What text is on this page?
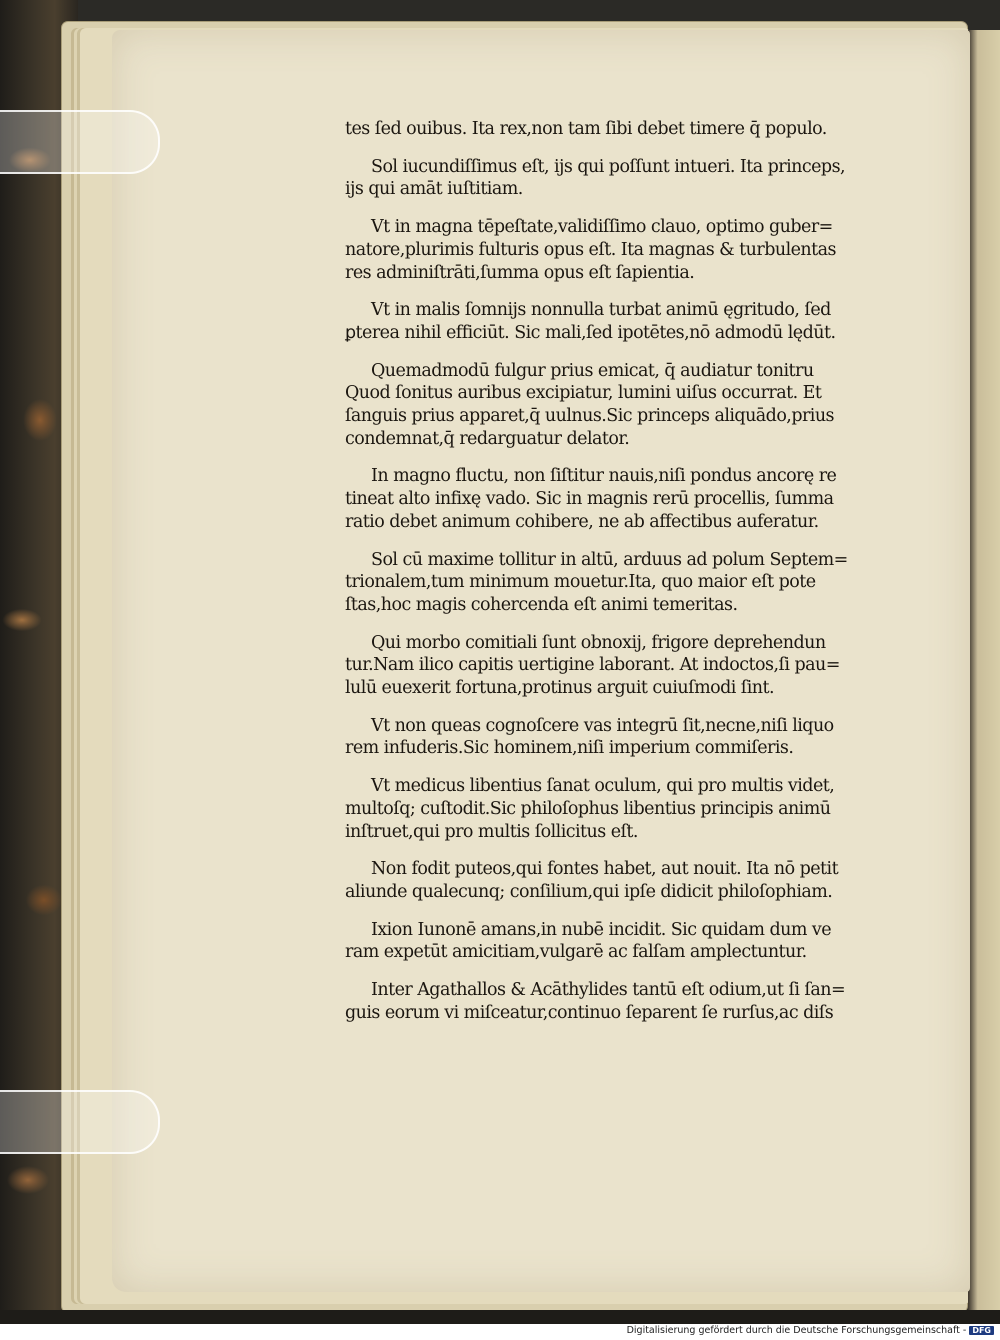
tes ſed ouibus. Ita rex,non tam ſibi debet timere q̄ populo.
Sol iucundiſſimus eſt, ijs qui poſſunt intueri. Ita princeps,
ijs qui amāt iuſtitiam.
Vt in magna tēpeſtate,validiſſimo clauo, optimo guber=
natore,plurimis fulturis opus eſt. Ita magnas & turbulentas
res adminiſtrāti,ſumma opus eſt ſapientia.
Vt in malis ſomnijs nonnulla turbat animū ęgritudo, ſed
ꝑterea nihil efficiūt. Sic mali,ſed ipotētes,nō admodū lędūt.
Quemadmodū fulgur prius emicat, q̄ audiatur tonitru
Quod ſonitus auribus excipiatur, lumini uiſus occurrat. Et
ſanguis prius apparet,q̄ uulnus.Sic princeps aliquādo,prius
condemnat,q̄ redarguatur delator.
In magno fluctu, non ſiſtitur nauis,niſi pondus ancorę re
tineat alto infixę vado. Sic in magnis rerū procellis, ſumma
ratio debet animum cohibere, ne ab affectibus auferatur.
Sol cū maxime tollitur in altū, arduus ad polum Septem=
trionalem,tum minimum mouetur.Ita, quo maior eſt pote
ſtas,hoc magis cohercenda eſt animi temeritas.
Qui morbo comitiali ſunt obnoxij, frigore deprehendun
tur.Nam ilico capitis uertigine laborant. At indoctos,ſi pau=
lulū euexerit fortuna,protinus arguit cuiuſmodi ſint.
Vt non queas cognoſcere vas integrū ſit,necne,niſi liquo
rem infuderis.Sic hominem,niſi imperium commiſeris.
Vt medicus libentius ſanat oculum, qui pro multis videt,
multoſq; cuſtodit.Sic philoſophus libentius principis animū
inſtruet,qui pro multis ſollicitus eſt.
Non fodit puteos,qui fontes habet, aut nouit. Ita nō petit
aliunde qualecunq; conſilium,qui ipſe didicit philoſophiam.
Ixion Iunonē amans,in nubē incidit. Sic quidam dum ve
ram expetūt amicitiam,vulgarē ac falſam amplectuntur.
Inter Agathallos & Acāthylides tantū eſt odium,ut ſi ſan=
guis eorum vi miſceatur,continuo ſeparent ſe rurſus,ac diſs
Digitalisierung gefördert durch die Deutsche Forschungsgemeinschaft - DFG
